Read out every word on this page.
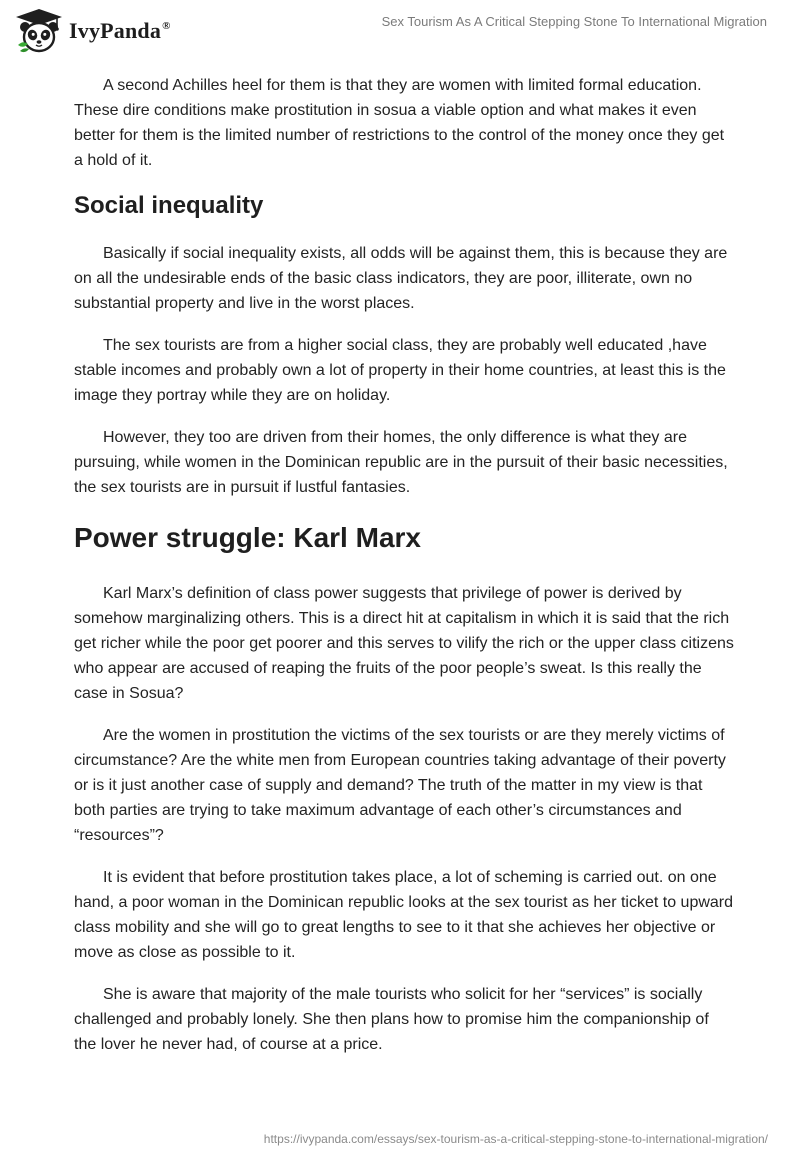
IvyPanda®	Sex Tourism As A Critical Stepping Stone To International Migration

A second Achilles heel for them is that they are women with limited formal education. These dire conditions make prostitution in sosua a viable option and what makes it even better for them is the limited number of restrictions to the control of the money once they get a hold of it.

Social inequality

Basically if social inequality exists, all odds will be against them, this is because they are on all the undesirable ends of the basic class indicators, they are poor, illiterate, own no substantial property and live in the worst places.

The sex tourists are from a higher social class, they are probably well educated ,have stable incomes and probably own a lot of property in their home countries, at least this is the image they portray while they are on holiday.

However, they too are driven from their homes, the only difference is what they are pursuing, while women in the Dominican republic are in the pursuit of their basic necessities, the sex tourists are in pursuit if lustful fantasies.

Power struggle: Karl Marx

Karl Marx’s definition of class power suggests that privilege of power is derived by somehow marginalizing others. This is a direct hit at capitalism in which it is said that the rich get richer while the poor get poorer and this serves to vilify the rich or the upper class citizens who appear are accused of reaping the fruits of the poor people’s sweat. Is this really the case in Sosua?

Are the women in prostitution the victims of the sex tourists or are they merely victims of circumstance? Are the white men from European countries taking advantage of their poverty or is it just another case of supply and demand? The truth of the matter in my view is that both parties are trying to take maximum advantage of each other’s circumstances and “resources”?

It is evident that before prostitution takes place, a lot of scheming is carried out. on one hand, a poor woman in the Dominican republic looks at the sex tourist as her ticket to upward class mobility and she will go to great lengths to see to it that she achieves her objective or move as close as possible to it.

She is aware that majority of the male tourists who solicit for her “services” is socially challenged and probably lonely. She then plans how to promise him the companionship of the lover he never had, of course at a price.

https://ivypanda.com/essays/sex-tourism-as-a-critical-stepping-stone-to-international-migration/
